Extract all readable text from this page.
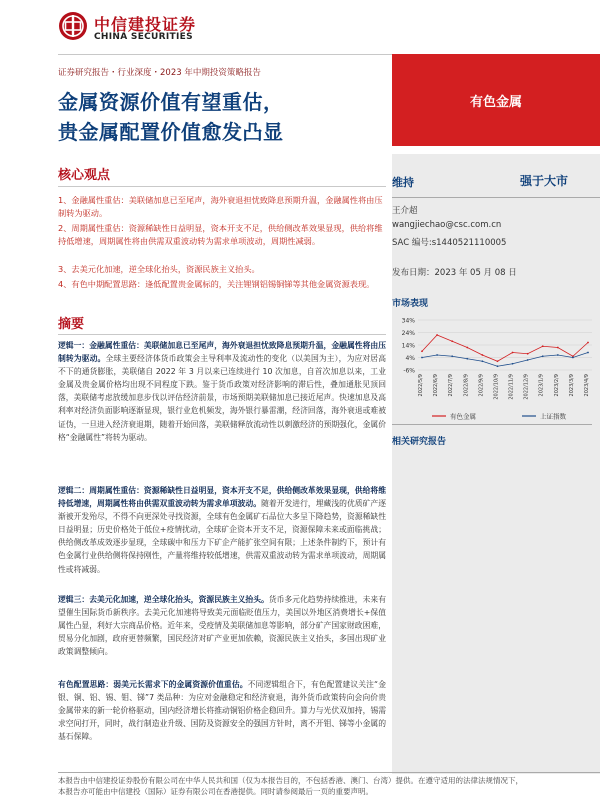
中信建投证券
CHINA SECURITIES
证券研究报告・行业深度・2023 年中期投资策略报告
金属资源价值有望重估，
贵金属配置价值愈发凸显
有色金属
维持	强于大市
王介超
wangjiechao@csc.com.cn
SAC 编号:s1440521110005
发布日期：2023 年 05 月 08 日
市场表现
34%
24%
14%
4%
-6%
2022/5/9 2022/6/9 2022/7/9 2022/8/9 2022/9/9 2022/10/9 2022/11/9 2022/12/9 2023/1/9 2023/2/9 2023/3/9 2023/4/9
有色金属	上证指数
相关研究报告
核心观点
1、金融属性重估：美联储加息已至尾声，海外衰退担忧致降息预期升温，金融属性将由压制转为驱动。
2、周期属性重估：资源稀缺性日益明显，资本开支不足，供给侧改革效果显现，供给将维持低增速，周期属性将由供需双重波动转为需求单项波动，周期性减弱。
3、去美元化加速，逆全球化抬头，资源民族主义抬头。
4、有色中期配置思路：逢低配置贵金属标的，关注锂钢铝锡铜锑等其他金属资源表现。
摘要
逻辑一：金融属性重估：美联储加息已至尾声，海外衰退担忧致降息预期升温，金融属性将由压制转为驱动。全球主要经济体货币政策会主导利率及流动性的变化（以美国为主），为应对居高不下的通货膨胀，美联储自 2022 年 3 月以来已连续进行 10 次加息，自首次加息以来，工业金属及贵金属价格均出现不同程度下跌。鉴于货币政策对经济影响的滞后性，叠加通胀见顶回落，美联储考虑放缓加息步伐以评估经济前景，市场预期美联储加息已接近尾声。快速加息及高利率对经济负面影响逐渐显现，银行业危机频发，海外银行暴雷潮，经济回落，海外衰退或难被证伪，一旦进入经济衰退期，随着开始回落，美联储释放流动性以刺激经济的预期强化，金属价格“金融属性”将转为驱动。
逻辑二：周期属性重估：资源稀缺性日益明显，资本开支不足，供给侧改革效果显现，供给将维持低增速，周期属性将由供需双重波动转为需求单项波动。随着开发进行，埋藏浅的优质矿产逐渐被开发殆尽，不得不向更深处寻找资源，全球有色金属矿石品位大多呈下降趋势，资源稀缺性日益明显；历史价格处于低位+疫情扰动，全球矿企资本开支不足，资源保障未来或面临挑战；供给侧改革成效逐步显现，全球碳中和压力下矿企产能扩张空间有限；上述条件制约下，预计有色金属行业供给侧将保持刚性，产量将维持较低增速，供需双重波动转为需求单项波动，周期属性或将减弱。
逻辑三：去美元化加速，逆全球化抬头，资源民族主义抬头。货币多元化趋势持续推进，未来有望催生国际货币新秩序。去美元化加速将导致美元面临贬值压力，美国以外地区消费增长+保值属性凸显，利好大宗商品价格。近年来，受疫情及美联储加息等影响，部分矿产国家财政困难，贸易分化加剧，政府更替频繁，国民经济对矿产业更加依赖，资源民族主义抬头，多国出现矿业政策调整倾向。
有色配置思路：弱美元长需求下的金属资源价值重估。不同逻辑组合下，有色配置建议关注“金银、铜、铝、锡、钼、锑”7 类品种：为应对金融稳定和经济衰退，海外货币政策转向会向价贵金属带来的新一轮价格驱动，国内经济增长将推动铜铝价格企稳回升。算力与光伏双加持，锡需求空间打开，同时，战行制造业升级、国防及资源安全的强国方针时，离不开钼、锑等小金属的基石保障。
本报告由中信建投证券股份有限公司在中华人民共和国（仅为本报告目的，不包括香港、澳门、台湾）提供。在遵守适用的法律法规情况下，
本报告亦可能由中信建投（国际）证券有限公司在香港提供。同时请参阅最后一页的重要声明。
